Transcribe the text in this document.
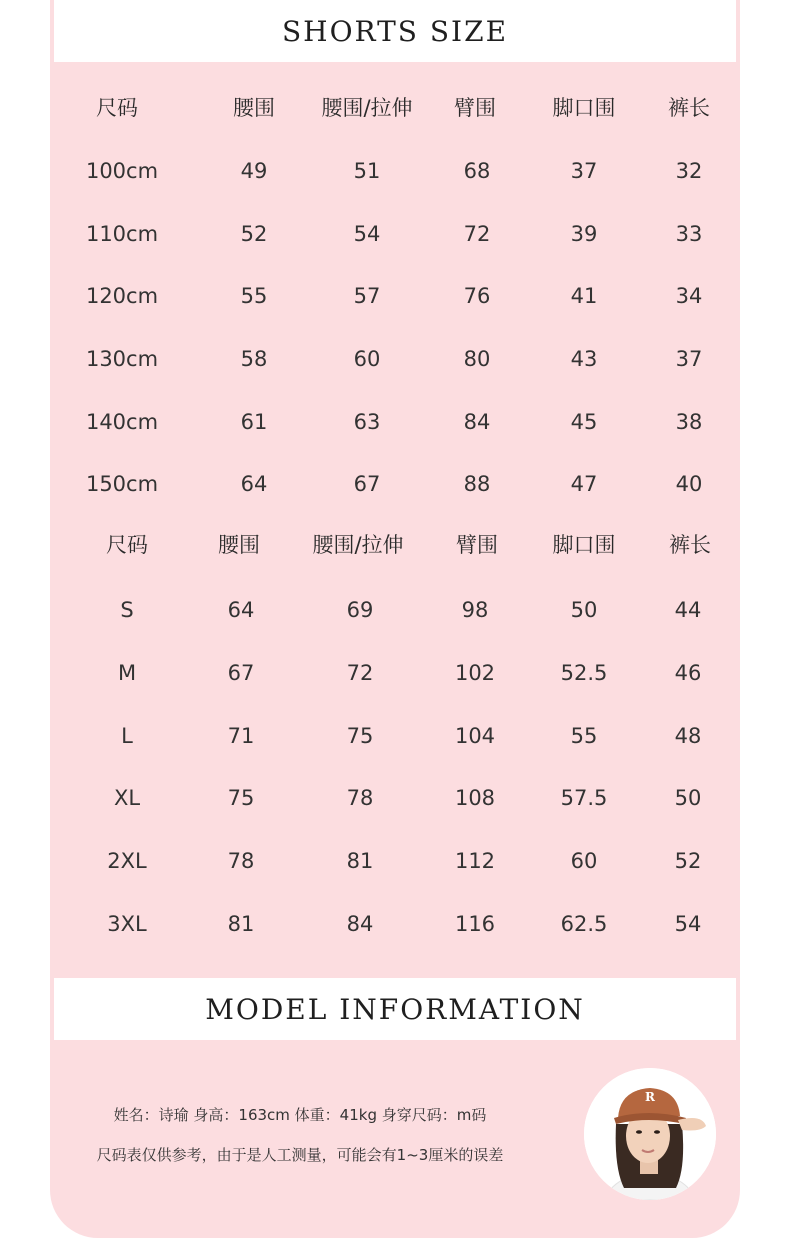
SHORTS SIZE
尺码	腰围	腰围/拉伸	臂围	脚口围	裤长
100cm	49	51	68	37	32
110cm	52	54	72	39	33
120cm	55	57	76	41	34
130cm	58	60	80	43	37
140cm	61	63	84	45	38
150cm	64	67	88	47	40
尺码	腰围	腰围/拉伸	臂围	脚口围	裤长
S	64	69	98	50	44
M	67	72	102	52.5	46
L	71	75	104	55	48
XL	75	78	108	57.5	50
2XL	78	81	112	60	52
3XL	81	84	116	62.5	54
MODEL INFORMATION
姓名：诗瑜 身高：163cm 体重：41kg 身穿尺码：m码
尺码表仅供参考，由于是人工测量，可能会有1~3厘米的误差
R
